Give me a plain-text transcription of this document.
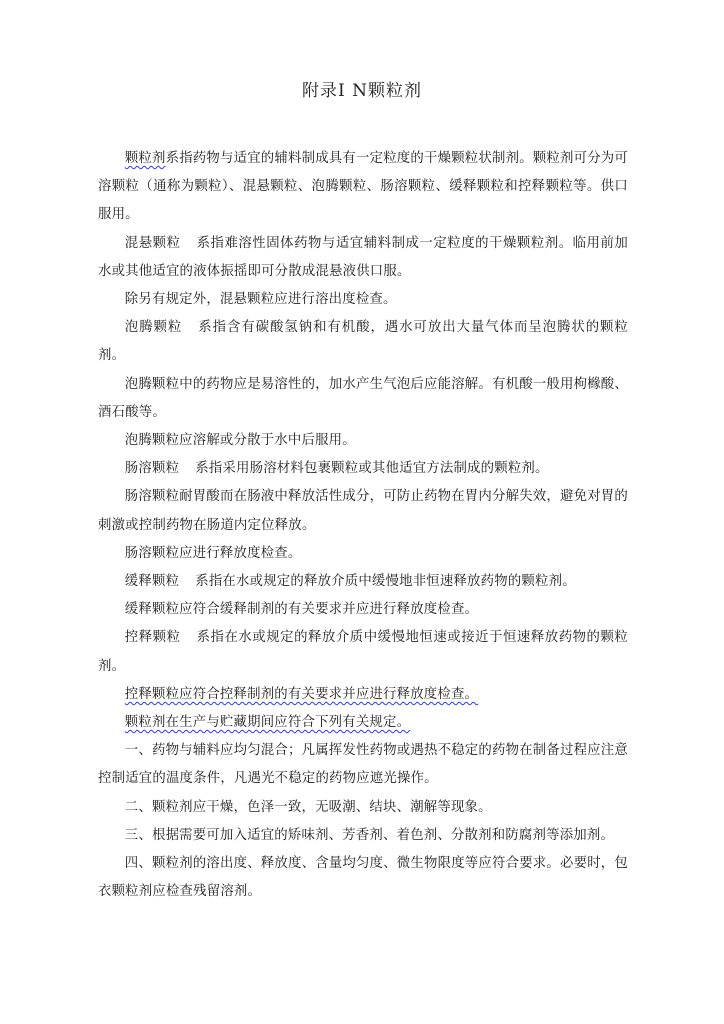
附录Ⅰ N颗粒剂

颗粒剂系指药物与适宜的辅料制成具有一定粒度的干燥颗粒状制剂。颗粒剂可分为可溶颗粒（通称为颗粒）、混悬颗粒、泡腾颗粒、肠溶颗粒、缓释颗粒和控释颗粒等。供口服用。

混悬颗粒 系指难溶性固体药物与适宜辅料制成一定粒度的干燥颗粒剂。临用前加水或其他适宜的液体振摇即可分散成混悬液供口服。

除另有规定外，混悬颗粒应进行溶出度检查。

泡腾颗粒 系指含有碳酸氢钠和有机酸，遇水可放出大量气体而呈泡腾状的颗粒剂。

泡腾颗粒中的药物应是易溶性的，加水产生气泡后应能溶解。有机酸一般用枸橼酸、酒石酸等。

泡腾颗粒应溶解或分散于水中后服用。

肠溶颗粒 系指采用肠溶材料包裹颗粒或其他适宜方法制成的颗粒剂。

肠溶颗粒耐胃酸而在肠液中释放活性成分，可防止药物在胃内分解失效，避免对胃的刺激或控制药物在肠道内定位释放。

肠溶颗粒应进行释放度检查。

缓释颗粒 系指在水或规定的释放介质中缓慢地非恒速释放药物的颗粒剂。

缓释颗粒应符合缓释制剂的有关要求并应进行释放度检查。

控释颗粒 系指在水或规定的释放介质中缓慢地恒速或接近于恒速释放药物的颗粒剂。

控释颗粒应符合控释制剂的有关要求并应进行释放度检查。

颗粒剂在生产与贮藏期间应符合下列有关规定。

一、药物与辅料应均匀混合；凡属挥发性药物或遇热不稳定的药物在制备过程应注意控制适宜的温度条件，凡遇光不稳定的药物应遮光操作。

二、颗粒剂应干燥，色泽一致，无吸潮、结块、潮解等现象。

三、根据需要可加入适宜的矫味剂、芳香剂、着色剂、分散剂和防腐剂等添加剂。

四、颗粒剂的溶出度、释放度、含量均匀度、微生物限度等应符合要求。必要时，包衣颗粒剂应检查残留溶剂。
